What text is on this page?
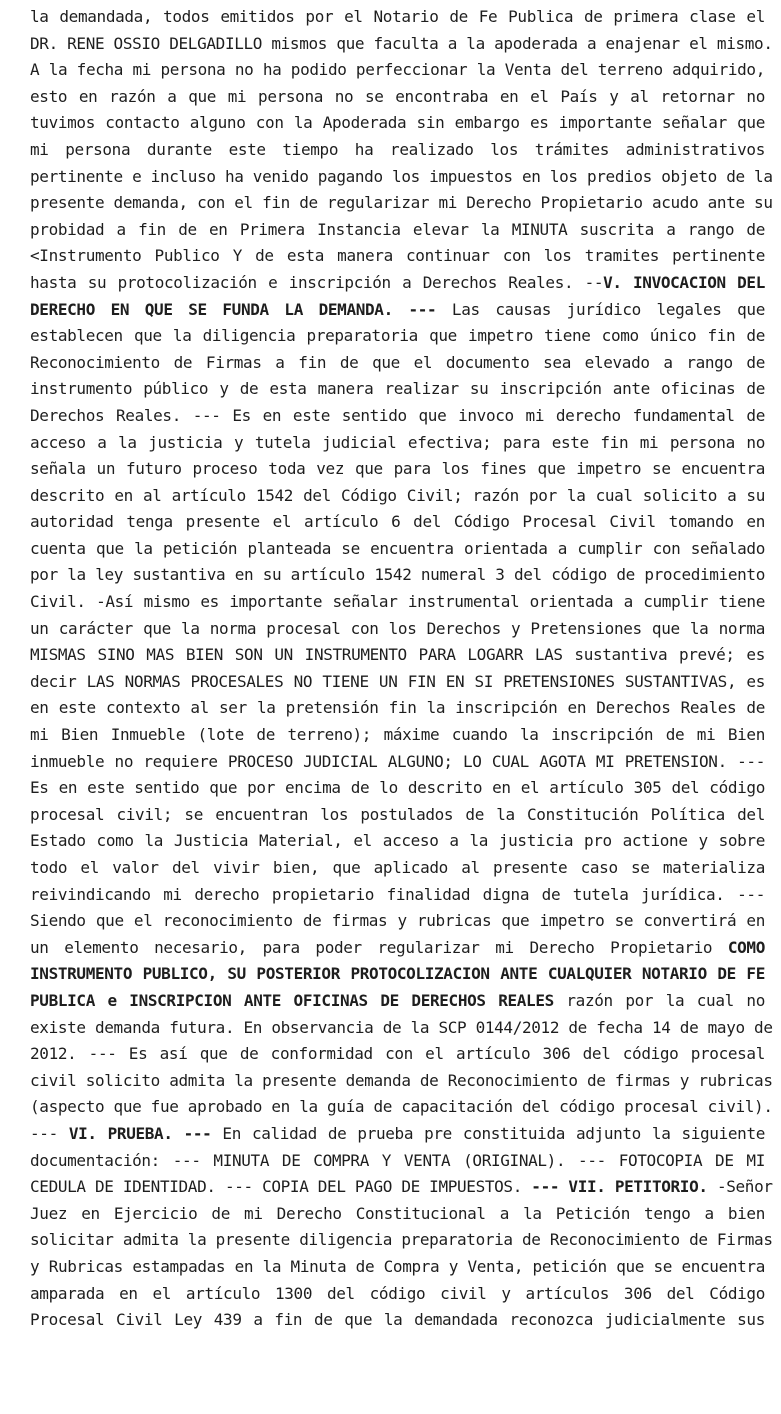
la demandada, todos emitidos por el Notario de Fe Publica de primera clase el
DR. RENE OSSIO DELGADILLO mismos que faculta a la apoderada a enajenar el mismo.
A la fecha mi persona no ha podido perfeccionar la Venta del terreno adquirido,
esto en razón a que mi persona no se encontraba en el País y al retornar no
tuvimos contacto alguno con la Apoderada sin embargo es importante señalar que
mi persona durante este tiempo ha realizado los trámites administrativos
pertinente e incluso ha venido pagando los impuestos en los predios objeto de la
presente demanda, con el fin de regularizar mi Derecho Propietario acudo ante su
probidad a fin de en Primera Instancia elevar la MINUTA suscrita a rango de
<Instrumento Publico Y de esta manera continuar con los tramites pertinente
hasta su protocolización e inscripción a Derechos Reales. --V. INVOCACION DEL
DERECHO EN QUE SE FUNDA LA DEMANDA. --- Las causas jurídico legales que
establecen que la diligencia preparatoria que impetro tiene como único fin de
Reconocimiento de Firmas a fin de que el documento sea elevado a rango de
instrumento público y de esta manera realizar su inscripción ante oficinas de
Derechos Reales. --- Es en este sentido que invoco mi derecho fundamental de
acceso a la justicia y tutela judicial efectiva; para este fin mi persona no
señala un futuro proceso toda vez que para los fines que impetro se encuentra
descrito en al artículo 1542 del Código Civil; razón por la cual solicito a su
autoridad tenga presente el artículo 6 del Código Procesal Civil tomando en
cuenta que la petición planteada se encuentra orientada a cumplir con señalado
por la ley sustantiva en su artículo 1542 numeral 3 del código de procedimiento
Civil. -Así mismo es importante señalar instrumental orientada a cumplir tiene
un carácter que la norma procesal con los Derechos y Pretensiones que la norma
MISMAS SINO MAS BIEN SON UN INSTRUMENTO PARA LOGARR LAS sustantiva prevé; es
decir LAS NORMAS PROCESALES NO TIENE UN FIN EN SI PRETENSIONES SUSTANTIVAS, es
en este contexto al ser la pretensión fin la inscripción en Derechos Reales de
mi Bien Inmueble (lote de terreno); máxime cuando la inscripción de mi Bien
inmueble no requiere PROCESO JUDICIAL ALGUNO; LO CUAL AGOTA MI PRETENSION. ---
Es en este sentido que por encima de lo descrito en el artículo 305 del código
procesal civil; se encuentran los postulados de la Constitución Política del
Estado como la Justicia Material, el acceso a la justicia pro actione y sobre
todo el valor del vivir bien, que aplicado al presente caso se materializa
reivindicando mi derecho propietario finalidad digna de tutela jurídica. ---
Siendo que el reconocimiento de firmas y rubricas que impetro se convertirá en
un elemento necesario, para poder regularizar mi Derecho Propietario COMO
INSTRUMENTO PUBLICO, SU POSTERIOR PROTOCOLIZACION ANTE CUALQUIER NOTARIO DE FE
PUBLICA e INSCRIPCION ANTE OFICINAS DE DERECHOS REALES razón por la cual no
existe demanda futura. En observancia de la SCP 0144/2012 de fecha 14 de mayo de
2012. --- Es así que de conformidad con el artículo 306 del código procesal
civil solicito admita la presente demanda de Reconocimiento de firmas y rubricas
(aspecto que fue aprobado en la guía de capacitación del código procesal civil).
--- VI. PRUEBA. --- En calidad de prueba pre constituida adjunto la siguiente
documentación: --- MINUTA DE COMPRA Y VENTA (ORIGINAL). --- FOTOCOPIA DE MI
CEDULA DE IDENTIDAD. --- COPIA DEL PAGO DE IMPUESTOS. --- VII. PETITORIO. -Señor
Juez en Ejercicio de mi Derecho Constitucional a la Petición tengo a bien
solicitar admita la presente diligencia preparatoria de Reconocimiento de Firmas
y Rubricas estampadas en la Minuta de Compra y Venta, petición que se encuentra
amparada en el artículo 1300 del código civil y artículos 306 del Código
Procesal Civil Ley 439 a fin de que la demandada reconozca judicialmente sus
